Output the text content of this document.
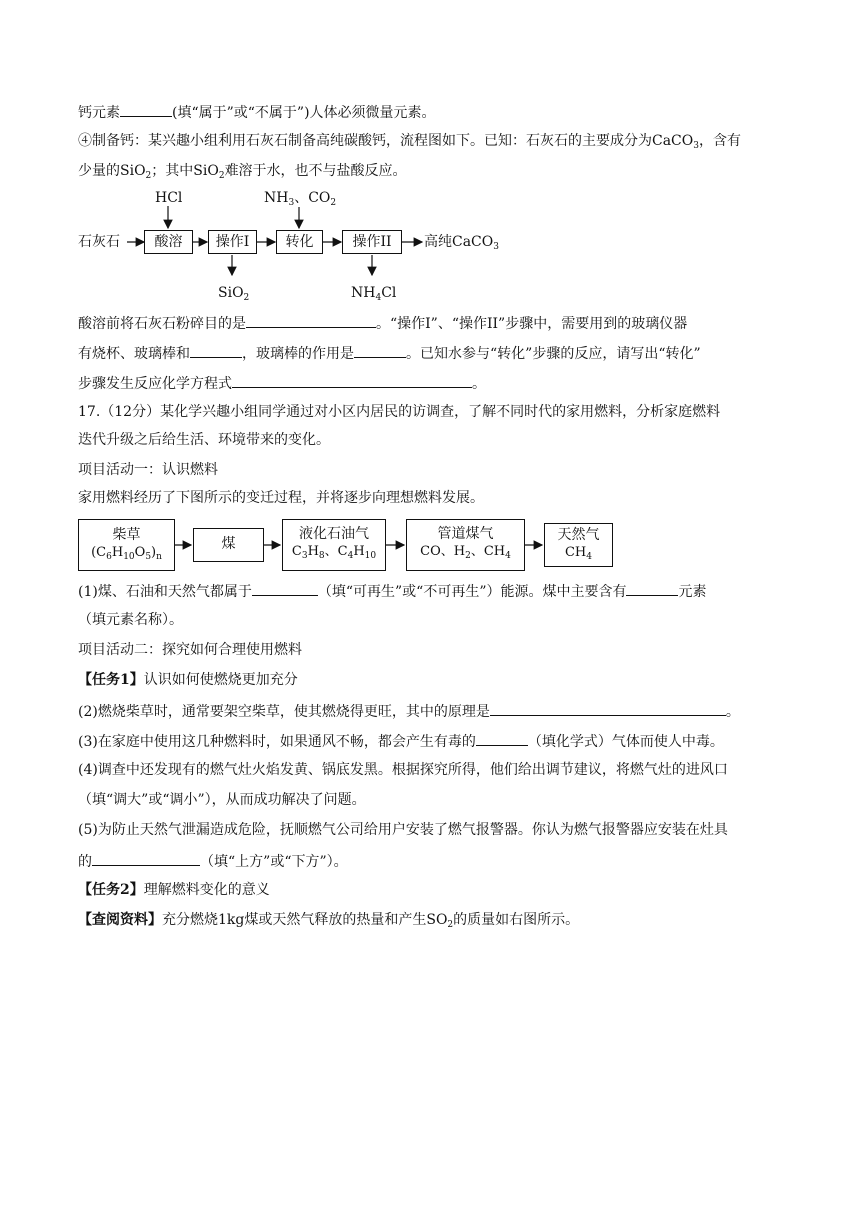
钙元素	(填“属于”或“不属于”)人体必须微量元素。
④制备钙：某兴趣小组利用石灰石制备高纯碳酸钙，流程图如下。已知：石灰石的主要成分为CaCO$_3$，含有
少量的SiO$_2$；其中SiO$_2$难溶于水，也不与盐酸反应。
石灰石	酸溶	操作I	转化	操作II	高纯CaCO$_3$
HCl	$NH_3$、$CO_2$
SiO$_2$	$NH_4Cl$
酸溶前将石灰石粉碎目的是	。“操作I”、“操作II”步骤中，需要用到的玻璃仪器
有烧杯、玻璃棒和	，玻璃棒的作用是	。已知水参与“转化”步骤的反应，请写出“转化”
步骤发生反应化学方程式	。
17.（12分）某化学兴趣小组同学通过对小区内居民的访调查，了解不同时代的家用燃料，分析家庭燃料
迭代升级之后给生活、环境带来的变化。
项目活动一：认识燃料
家用燃料经历了下图所示的变迁过程，并将逐步向理想燃料发展。
柴草
$(C_6H_{10}O_5)_n$
煤
液化石油气
$C_3H_8$、$C_4H_{10}$
管道煤气
CO、$H_2$、$CH_4$
天然气
$CH_4$
(1)煤、石油和天然气都属于	（填“可再生”或“不可再生”）能源。煤中主要含有	元素
（填元素名称）。
项目活动二：探究如何合理使用燃料
【任务1】认识如何使燃烧更加充分
(2)燃烧柴草时，通常要架空柴草，使其燃烧得更旺，其中的原理是	。
(3)在家庭中使用这几种燃料时，如果通风不畅，都会产生有毒的	（填化学式）气体而使人中毒。
(4)调查中还发现有的燃气灶火焰发黄、锅底发黑。根据探究所得，他们给出调节建议，将燃气灶的进风口
（填“调大”或“调小”），从而成功解决了问题。
(5)为防止天然气泄漏造成危险，抚顺燃气公司给用户安装了燃气报警器。你认为燃气报警器应安装在灶具
的	（填“上方”或“下方”）。
【任务2】理解燃料变化的意义
【查阅资料】充分燃烧1kg煤或天然气释放的热量和产生$SO_2$的质量如右图所示。
